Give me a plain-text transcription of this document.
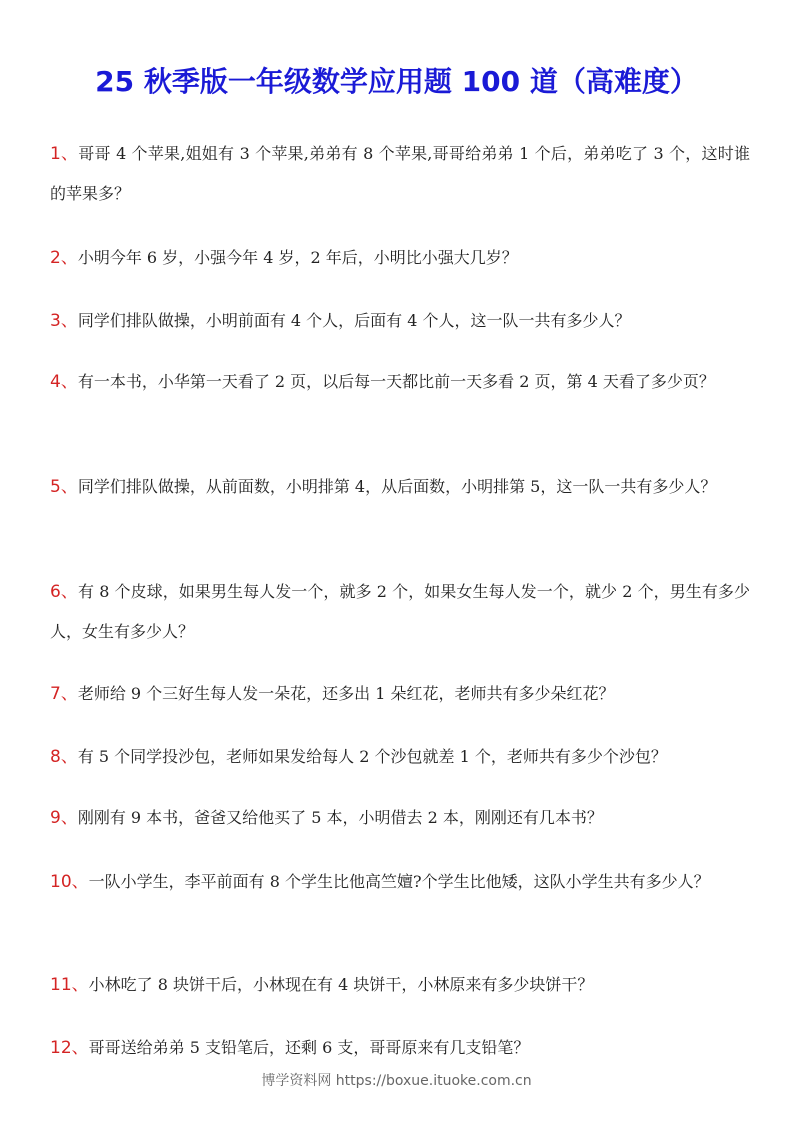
25 秋季版一年级数学应用题 100 道（高难度）
1、哥哥 4 个苹果,姐姐有 3 个苹果,弟弟有 8 个苹果,哥哥给弟弟 1 个后，弟弟吃了 3 个，这时谁的苹果多？
2、小明今年 6 岁，小强今年 4 岁，2 年后，小明比小强大几岁？
3、同学们排队做操，小明前面有 4 个人，后面有 4 个人，这一队一共有多少人？
4、有一本书，小华第一天看了 2 页，以后每一天都比前一天多看 2 页，第 4 天看了多少页？
5、同学们排队做操，从前面数，小明排第 4，从后面数，小明排第 5，这一队一共有多少人？
6、有 8 个皮球，如果男生每人发一个，就多 2 个，如果女生每人发一个，就少 2 个，男生有多少人，女生有多少人？
7、老师给 9 个三好生每人发一朵花，还多出 1 朵红花，老师共有多少朵红花？
8、有 5 个同学投沙包，老师如果发给每人 2 个沙包就差 1 个，老师共有多少个沙包？
9、刚刚有 9 本书，爸爸又给他买了 5 本，小明借去 2 本，刚刚还有几本书？
10、一队小学生，李平前面有 8 个学生比他高竺嬗?个学生比他矮，这队小学生共有多少人？
11、小林吃了 8 块饼干后，小林现在有 4 块饼干，小林原来有多少块饼干？
12、哥哥送给弟弟 5 支铅笔后，还剩 6 支，哥哥原来有几支铅笔？
博学资料网 https://boxue.ituoke.com.cn
